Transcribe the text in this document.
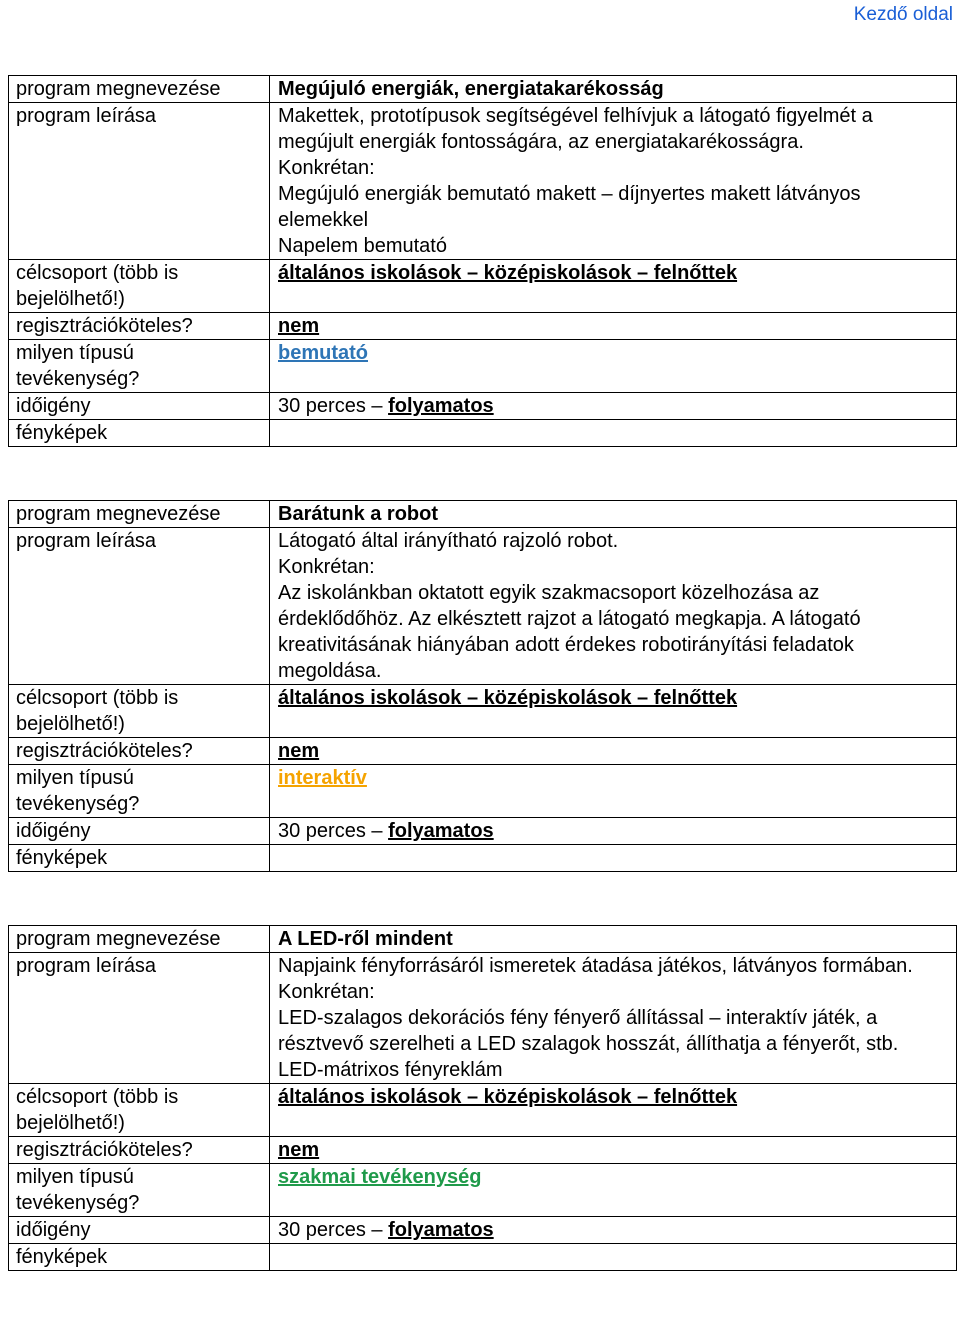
Kezdő oldal
program megnevezése	Megújuló energiák, energiatakarékosság
program leírása	Makettek, prototípusok segítségével felhívjuk a látogató figyelmét a megújult energiák fontosságára, az energiatakarékosságra.
Konkrétan:
Megújuló energiák bemutató makett – díjnyertes makett látványos elemekkel
Napelem bemutató

célcsoport (több is bejelölhető!)	általános iskolások – középiskolások – felnőttek
regisztrációköteles?	nem
milyen típusú tevékenység?	bemutató
időigény	30 perces – folyamatos
fényképek	
program megnevezése	Barátunk a robot
program leírása	Látogató által irányítható rajzoló robot.
Konkrétan:
Az iskolánkban oktatott egyik szakmacsoport közelhozása az érdeklődőhöz. Az elkésztett rajzot a látogató megkapja. A látogató kreativitásának hiányában adott érdekes robotirányítási feladatok megoldása.

célcsoport (több is bejelölhető!)	általános iskolások – középiskolások – felnőttek
regisztrációköteles?	nem
milyen típusú tevékenység?	interaktív
időigény	30 perces – folyamatos
fényképek	
program megnevezése	A LED-ről mindent
program leírása	Napjaink fényforrásáról ismeretek átadása játékos, látványos formában.
Konkrétan:
LED-szalagos dekorációs fény fényerő állítással – interaktív játék, a résztvevő szerelheti a LED szalagok hosszát, állíthatja a fényerőt, stb.
LED-mátrixos fényreklám

célcsoport (több is bejelölhető!)	általános iskolások – középiskolások – felnőttek
regisztrációköteles?	nem
milyen típusú tevékenység?	szakmai tevékenység
időigény	30 perces – folyamatos
fényképek	
